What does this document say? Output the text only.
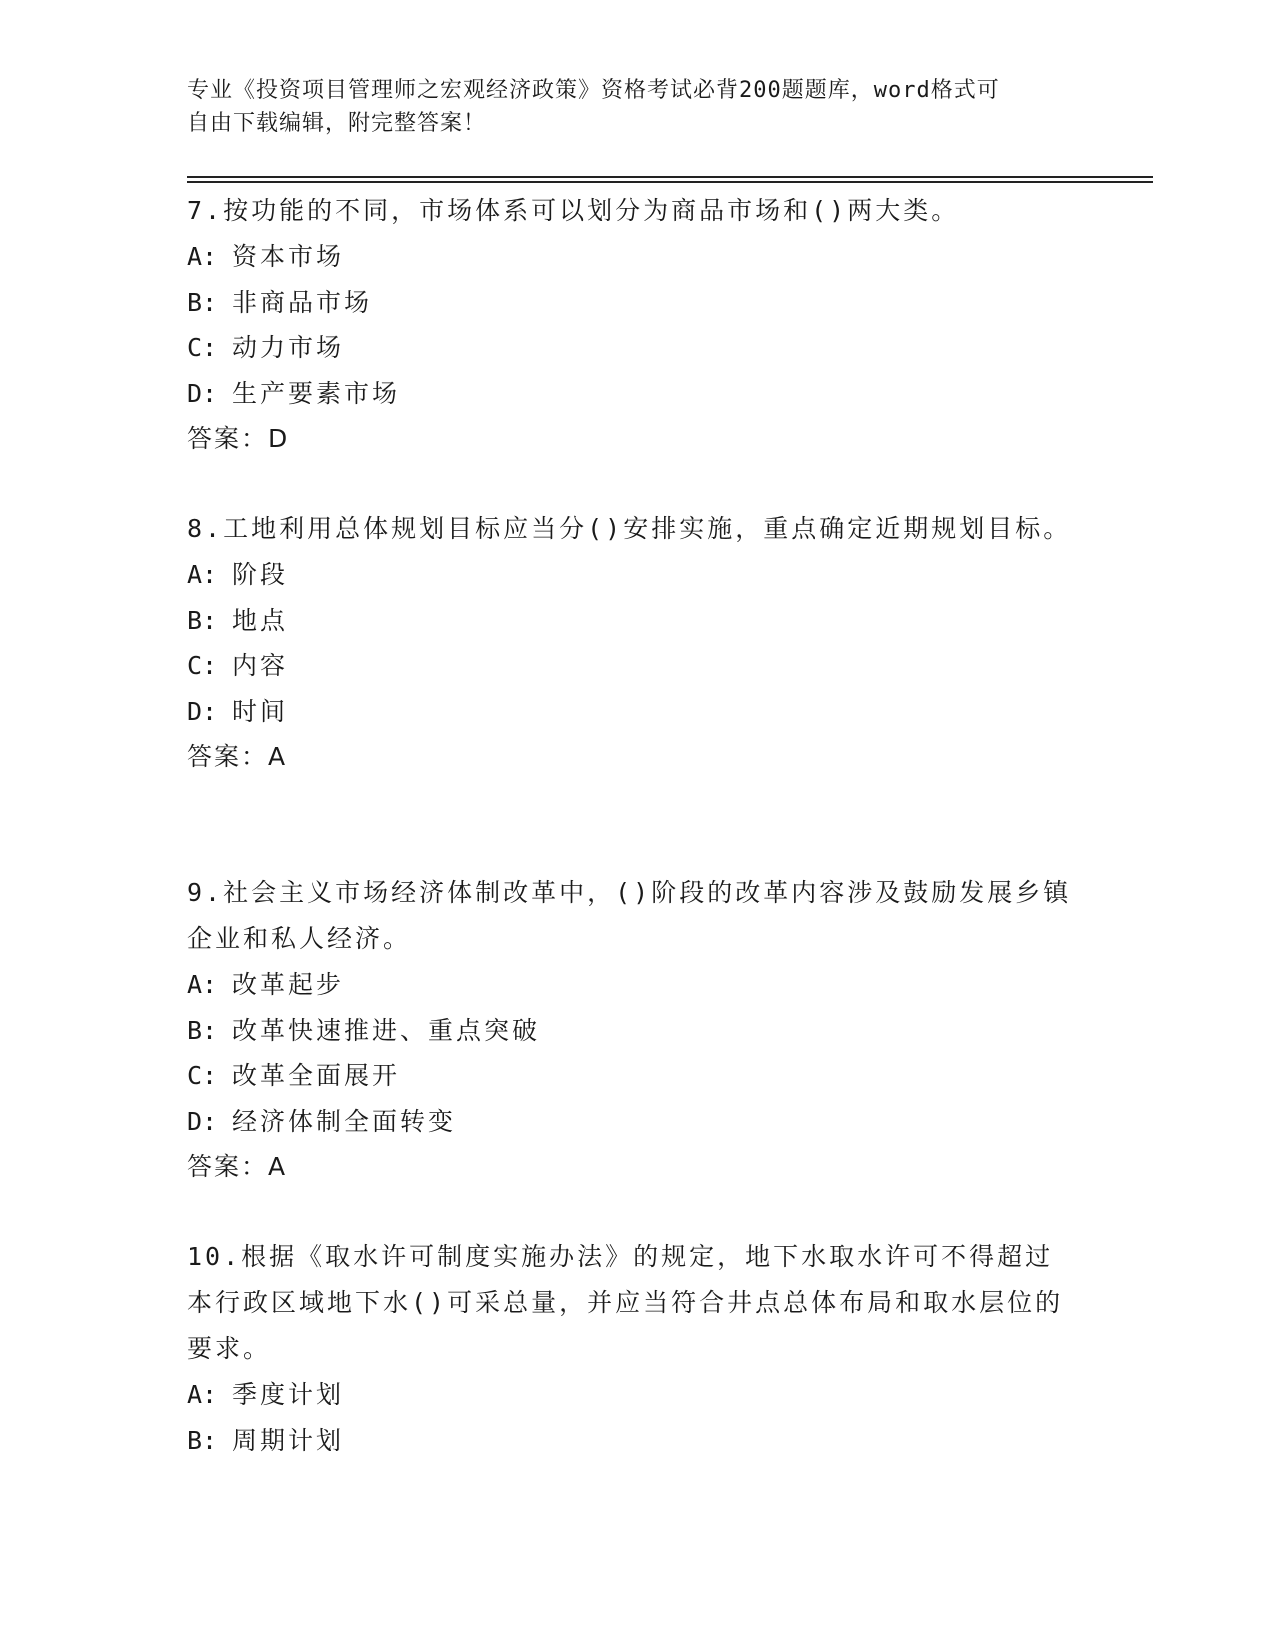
专业《投资项目管理师之宏观经济政策》资格考试必背200题题库，word格式可
自由下载编辑，附完整答案！
7.按功能的不同，市场体系可以划分为商品市场和()两大类。
A: 资本市场
B: 非商品市场
C: 动力市场
D: 生产要素市场
答案：D
8.工地利用总体规划目标应当分()安排实施，重点确定近期规划目标。
A: 阶段
B: 地点
C: 内容
D: 时间
答案：A
9.社会主义市场经济体制改革中，()阶段的改革内容涉及鼓励发展乡镇企业和私人经济。
A: 改革起步
B: 改革快速推进、重点突破
C: 改革全面展开
D: 经济体制全面转变
答案：A
10.根据《取水许可制度实施办法》的规定，地下水取水许可不得超过本行政区域地下水()可采总量，并应当符合井点总体布局和取水层位的要求。
A: 季度计划
B: 周期计划
